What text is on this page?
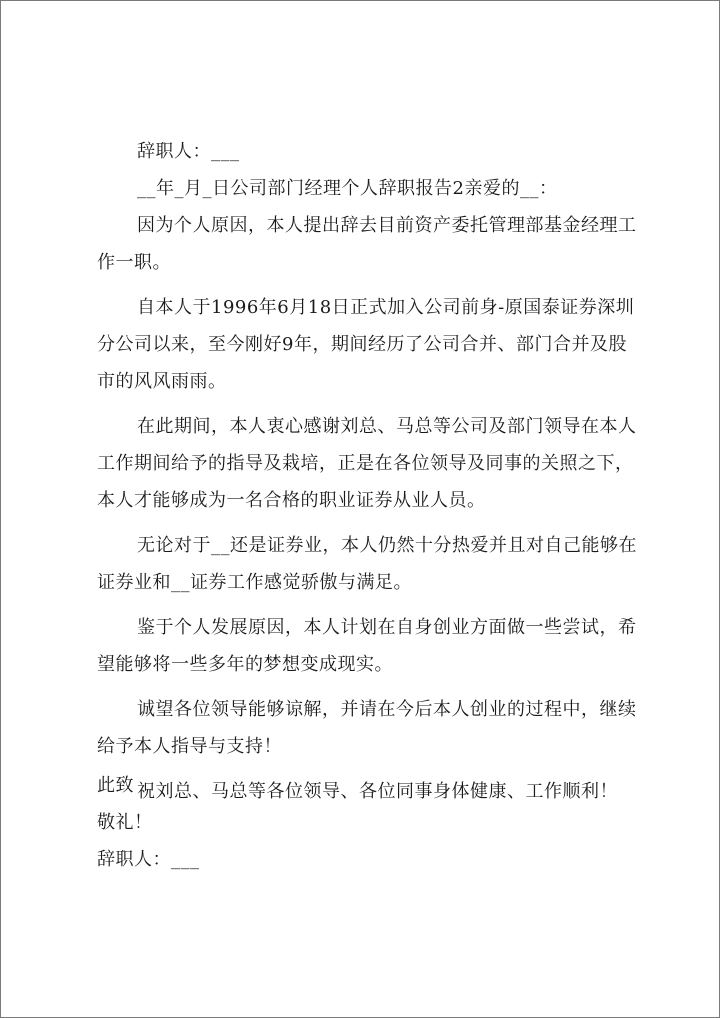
辞职人：___

__年_月_日公司部门经理个人辞职报告2亲爱的__：

因为个人原因，本人提出辞去目前资产委托管理部基金经理工作一职。

自本人于1996年6月18日正式加入公司前身-原国泰证券深圳分公司以来，至今刚好9年，期间经历了公司合并、部门合并及股市的风风雨雨。

在此期间，本人衷心感谢刘总、马总等公司及部门领导在本人工作期间给予的指导及栽培，正是在各位领导及同事的关照之下，本人才能够成为一名合格的职业证券从业人员。

无论对于__还是证券业，本人仍然十分热爱并且对自己能够在证券业和__证券工作感觉骄傲与满足。

鉴于个人发展原因，本人计划在自身创业方面做一些尝试，希望能够将一些多年的梦想变成现实。

诚望各位领导能够谅解，并请在今后本人创业的过程中，继续给予本人指导与支持！

祝刘总、马总等各位领导、各位同事身体健康、工作顺利！

此致
敬礼！
辞职人：___
